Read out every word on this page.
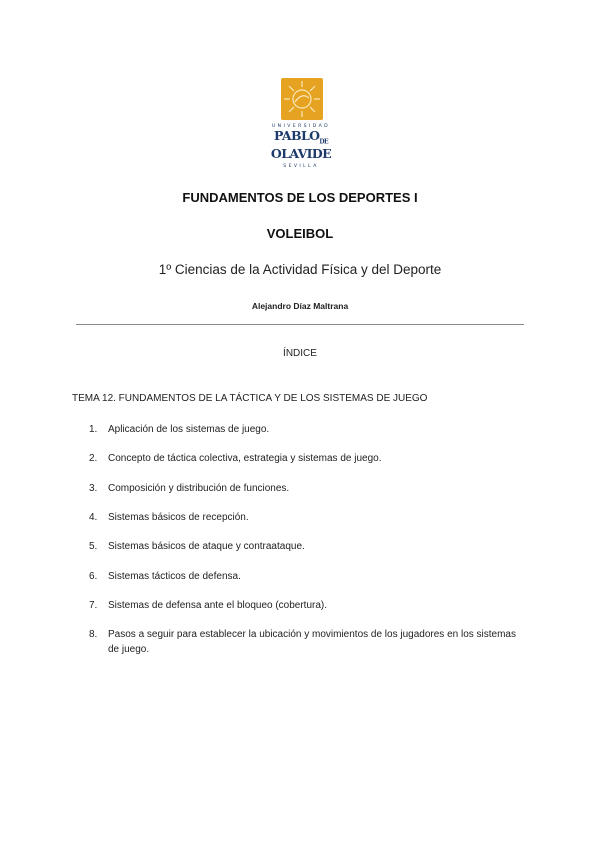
UNIVERSIDAD
$PABLO_{DE}$
OLAVIDE
SEVILLA
FUNDAMENTOS DE LOS DEPORTES I
VOLEIBOL
1º Ciencias de la Actividad Física y del Deporte
Alejandro Díaz Maltrana
ÍNDICE
TEMA 12. FUNDAMENTOS DE LA TÁCTICA Y DE LOS SISTEMAS DE JUEGO
1.	Aplicación de los sistemas de juego.
2.	Concepto de táctica colectiva, estrategia y sistemas de juego.
3.	Composición y distribución de funciones.
4.	Sistemas básicos de recepción.
5.	Sistemas básicos de ataque y contraataque.
6.	Sistemas tácticos de defensa.
7.	Sistemas de defensa ante el bloqueo (cobertura).
8.	Pasos a seguir para establecer la ubicación y movimientos de los jugadores en los sistemas de juego.
